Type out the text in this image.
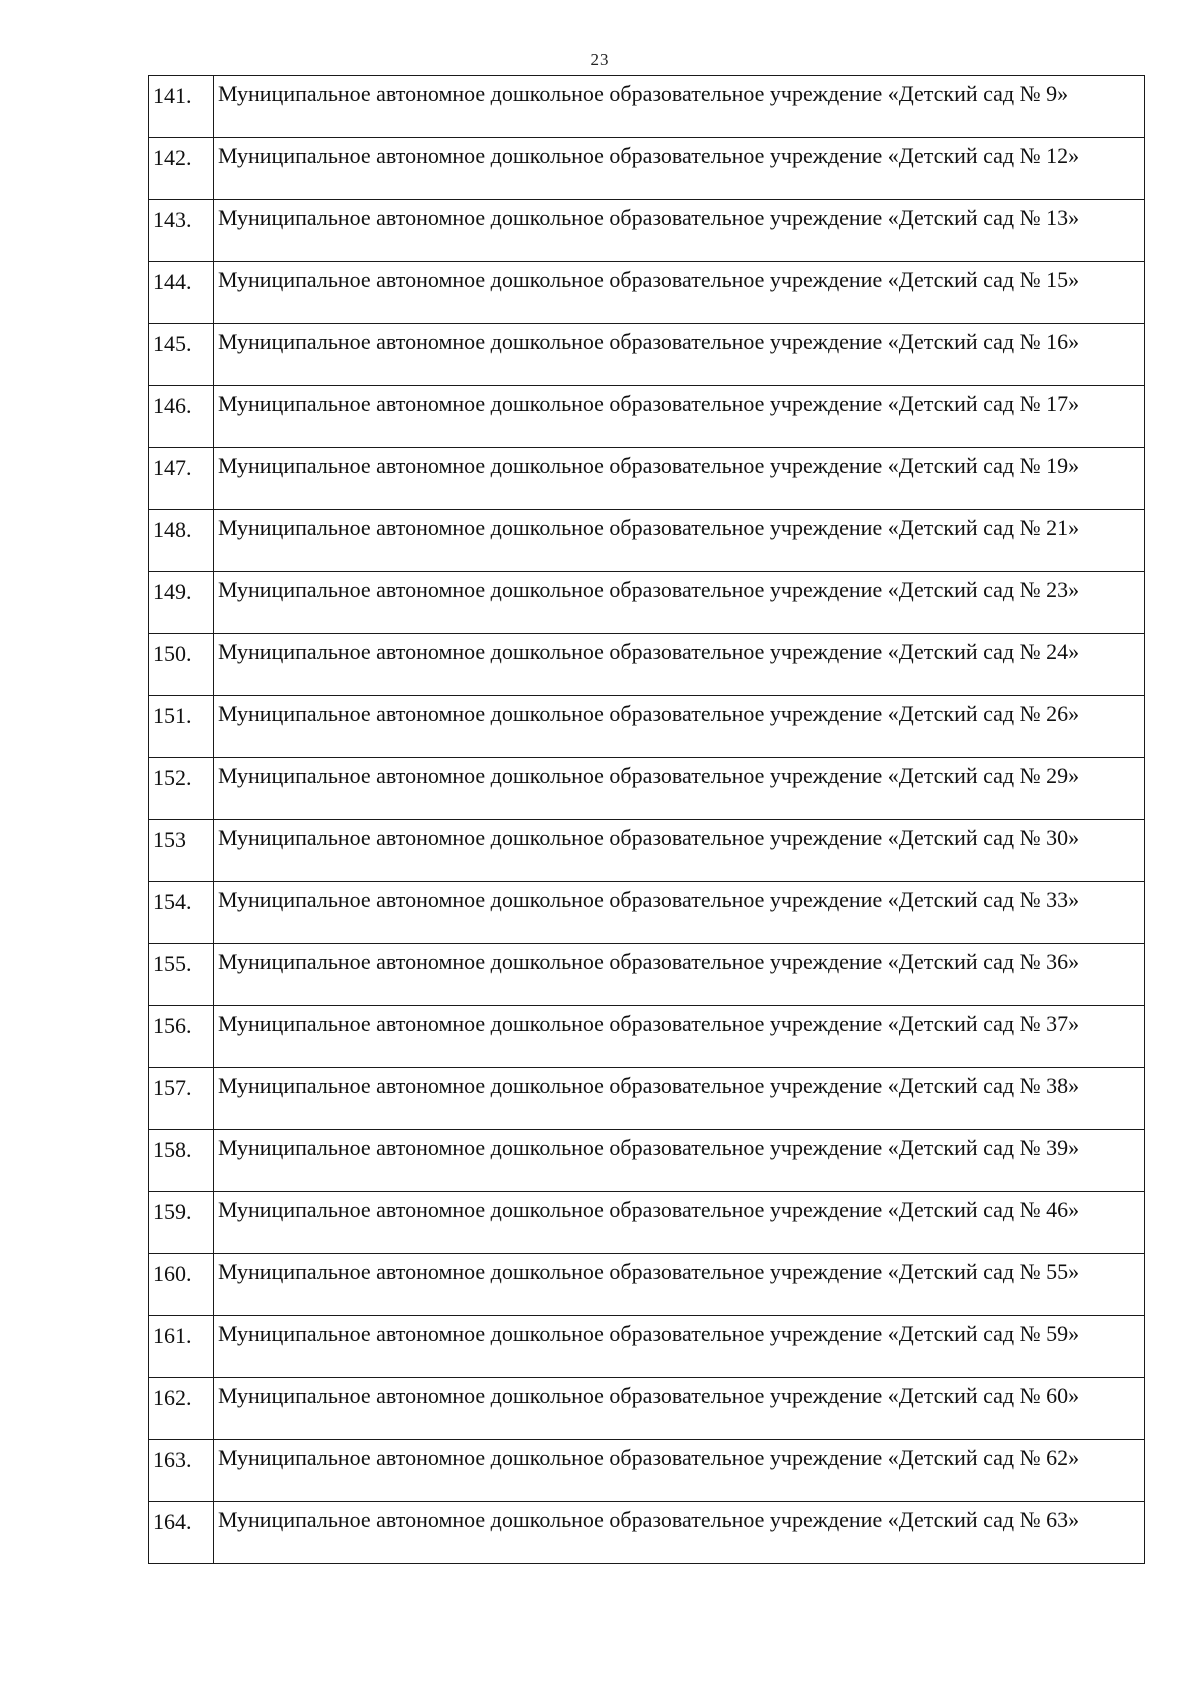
23
141.	Муниципальное автономное дошкольное образовательное учреждение «Детский сад № 9»

142.	Муниципальное автономное дошкольное образовательное учреждение «Детский сад № 12»

143.	Муниципальное автономное дошкольное образовательное учреждение «Детский сад № 13»

144.	Муниципальное автономное дошкольное образовательное учреждение «Детский сад № 15»

145.	Муниципальное автономное дошкольное образовательное учреждение «Детский сад № 16»

146.	Муниципальное автономное дошкольное образовательное учреждение «Детский сад № 17»

147.	Муниципальное автономное дошкольное образовательное учреждение «Детский сад № 19»

148.	Муниципальное автономное дошкольное образовательное учреждение «Детский сад № 21»

149.	Муниципальное автономное дошкольное образовательное учреждение «Детский сад № 23»

150.	Муниципальное автономное дошкольное образовательное учреждение «Детский сад № 24»

151.	Муниципальное автономное дошкольное образовательное учреждение «Детский сад № 26»

152.	Муниципальное автономное дошкольное образовательное учреждение «Детский сад № 29»

153	Муниципальное автономное дошкольное образовательное учреждение «Детский сад № 30»

154.	Муниципальное автономное дошкольное образовательное учреждение «Детский сад № 33»

155.	Муниципальное автономное дошкольное образовательное учреждение «Детский сад № 36»

156.	Муниципальное автономное дошкольное образовательное учреждение «Детский сад № 37»

157.	Муниципальное автономное дошкольное образовательное учреждение «Детский сад № 38»

158.	Муниципальное автономное дошкольное образовательное учреждение «Детский сад № 39»

159.	Муниципальное автономное дошкольное образовательное учреждение «Детский сад № 46»

160.	Муниципальное автономное дошкольное образовательное учреждение «Детский сад № 55»

161.	Муниципальное автономное дошкольное образовательное учреждение «Детский сад № 59»

162.	Муниципальное автономное дошкольное образовательное учреждение «Детский сад № 60»

163.	Муниципальное автономное дошкольное образовательное учреждение «Детский сад № 62»

164.	Муниципальное автономное дошкольное образовательное учреждение «Детский сад № 63»
